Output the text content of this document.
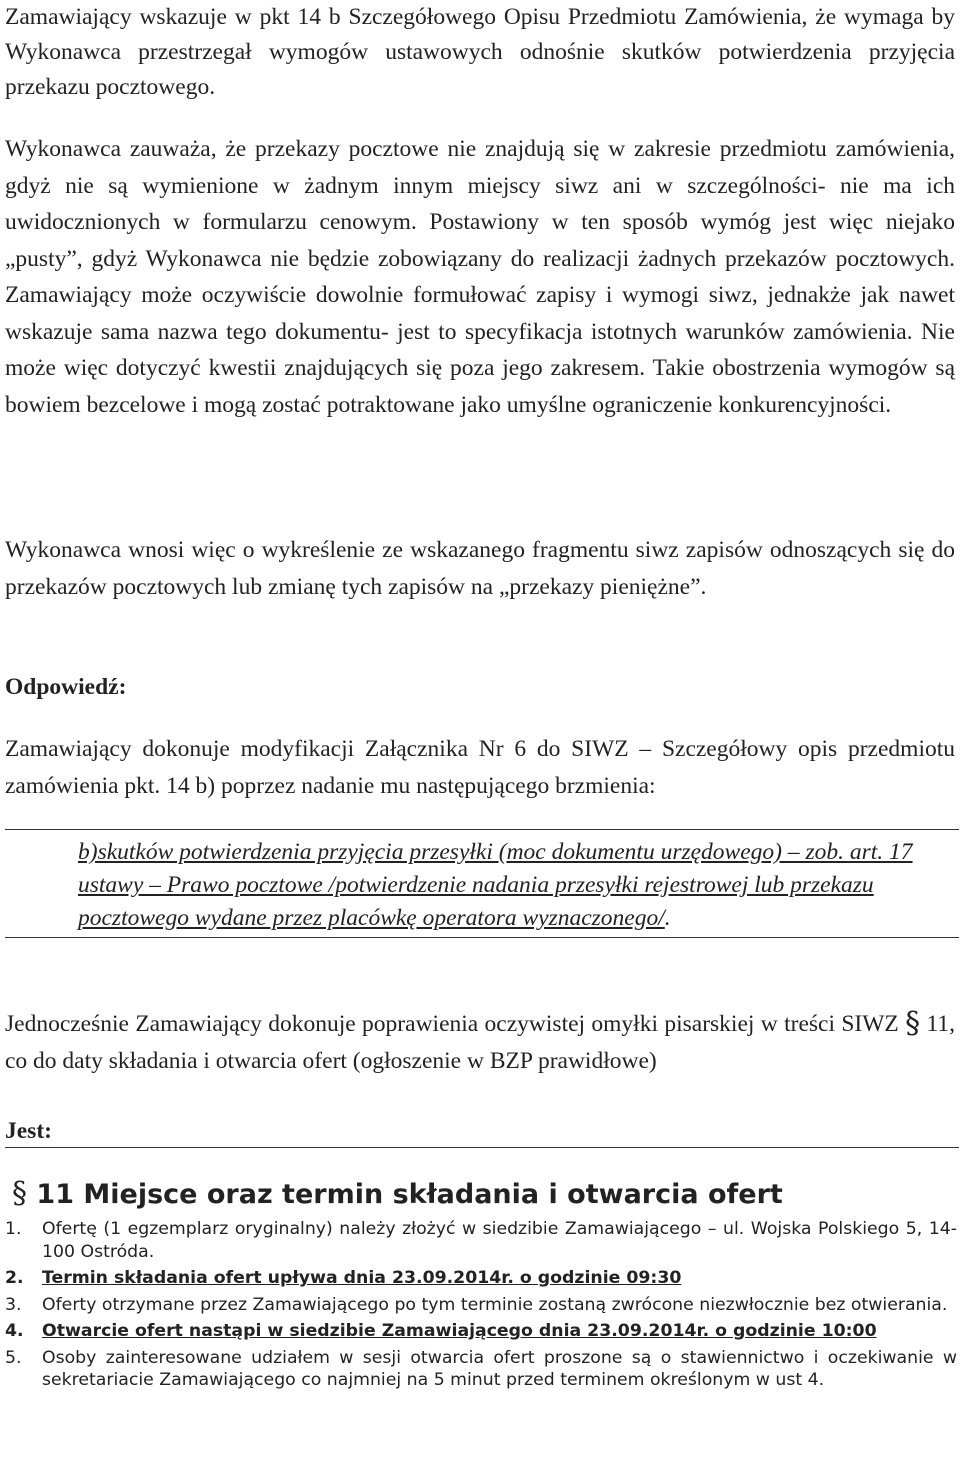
Zamawiający wskazuje w pkt 14 b Szczegółowego Opisu Przedmiotu Zamówienia, że wymaga by Wykonawca przestrzegał wymogów ustawowych odnośnie skutków potwierdzenia przyjęcia przekazu pocztowego.

Wykonawca zauważa, że przekazy pocztowe nie znajdują się w zakresie przedmiotu zamówienia, gdyż nie są wymienione w żadnym innym miejscy siwz ani w szczególności- nie ma ich uwidocznionych w formularzu cenowym. Postawiony w ten sposób wymóg jest więc niejako „pusty”, gdyż Wykonawca nie będzie zobowiązany do realizacji żadnych przekazów pocztowych. Zamawiający może oczywiście dowolnie formułować zapisy i wymogi siwz, jednakże jak nawet wskazuje sama nazwa tego dokumentu- jest to specyfikacja istotnych warunków zamówienia. Nie może więc dotyczyć kwestii znajdujących się poza jego zakresem. Takie obostrzenia wymogów są bowiem bezcelowe i mogą zostać potraktowane jako umyślne ograniczenie konkurencyjności.

Wykonawca wnosi więc o wykreślenie ze wskazanego fragmentu siwz zapisów odnoszących się do przekazów pocztowych lub zmianę tych zapisów na „przekazy pieniężne”.

Odpowiedź:

Zamawiający dokonuje modyfikacji Załącznika Nr 6 do SIWZ – Szczegółowy opis przedmiotu zamówienia pkt. 14 b) poprzez nadanie mu następującego brzmienia:

b)skutków potwierdzenia przyjęcia przesyłki (moc dokumentu urzędowego) – zob. art. 17 ustawy – Prawo pocztowe /potwierdzenie nadania przesyłki rejestrowej lub przekazu pocztowego wydane przez placówkę operatora wyznaczonego/.

Jednocześnie Zamawiający dokonuje poprawienia oczywistej omyłki pisarskiej w treści SIWZ § 11, co do daty składania i otwarcia ofert (ogłoszenie w BZP prawidłowe)

Jest:

§ 11 Miejsce oraz termin składania i otwarcia ofert
1. Ofertę (1 egzemplarz oryginalny) należy złożyć w siedzibie Zamawiającego – ul. Wojska Polskiego 5, 14-100 Ostróda.
2. Termin składania ofert upływa dnia 23.09.2014r. o godzinie 09:30
3. Oferty otrzymane przez Zamawiającego po tym terminie zostaną zwrócone niezwłocznie bez otwierania.
4. Otwarcie ofert nastąpi w siedzibie Zamawiającego dnia 23.09.2014r. o godzinie 10:00
5. Osoby zainteresowane udziałem w sesji otwarcia ofert proszone są o stawiennictwo i oczekiwanie w sekretariacie Zamawiającego co najmniej na 5 minut przed terminem określonym w ust 4.
